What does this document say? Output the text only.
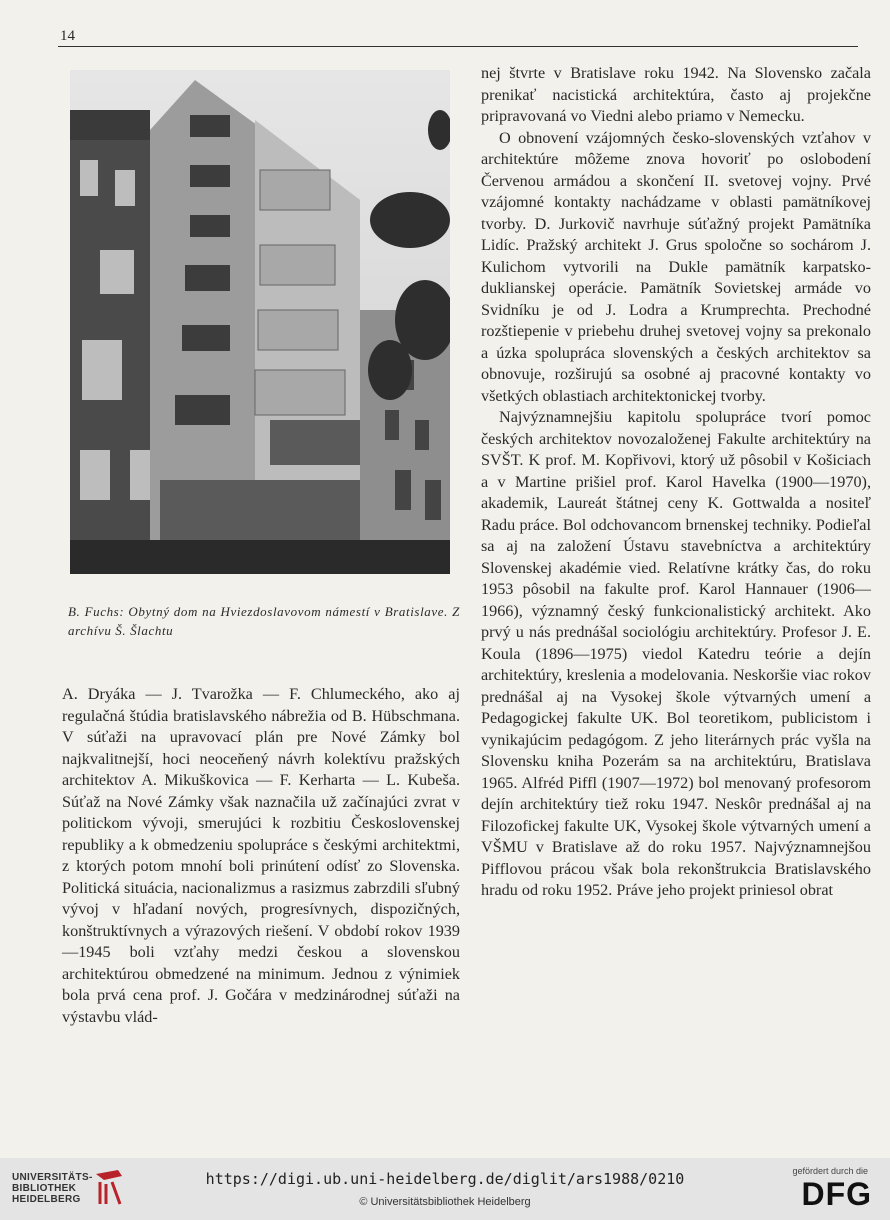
14
B. Fuchs: Obytný dom na Hviezdoslavovom námestí v Bratislave. Z archívu Š. Šlachtu

A. Dryáka — J. Tvarožka — F. Chlumeckého, ako aj regulačná štúdia bratislavského nábrežia od B. Hübschmana. V súťaži na upravovací plán pre Nové Zámky bol najkvalitnejší, hoci neoceňený návrh kolektívu pražských architektov A. Mikuškovica — F. Kerharta — L. Kubeša. Súťaž na Nové Zámky však naznačila už začínajúci zvrat v politickom vývoji, smerujúci k rozbitiu Československej republiky a k obmedzeniu spolupráce s českými architektmi, z ktorých potom mnohí boli prinútení odísť zo Slovenska. Politická situácia, nacionalizmus a rasizmus zabrzdili sľubný vývoj v hľadaní nových, progresívnych, dispozičných, konštruktívnych a výrazových riešení. V období rokov 1939—1945 boli vzťahy medzi českou a slovenskou architektúrou obmedzené na minimum. Jednou z výnimiek bola prvá cena prof. J. Gočára v medzinárodnej súťaži na výstavbu vlád-

nej štvrte v Bratislave roku 1942. Na Slovensko začala prenikať nacistická architektúra, často aj projekčne pripravovaná vo Viedni alebo priamo v Nemecku.

O obnovení vzájomných česko-slovenských vzťahov v architektúre môžeme znova hovoriť po oslobodení Červenou armádou a skončení II. svetovej vojny. Prvé vzájomné kontakty nachádzame v oblasti pamätníkovej tvorby. D. Jurkovič navrhuje súťažný projekt Pamätníka Lidíc. Pražský architekt J. Grus spoločne so sochárom J. Kulichom vytvorili na Dukle pamätník karpatsko-duklianskej operácie. Pamätník Sovietskej armáde vo Svidníku je od J. Lodra a Krumprechta. Prechodné rozštiepenie v priebehu druhej svetovej vojny sa prekonalo a úzka spolupráca slovenských a českých architektov sa obnovuje, rozširujú sa osobné aj pracovné kontakty vo všetkých oblastiach architektonickej tvorby.

Najvýznamnejšiu kapitolu spolupráce tvorí pomoc českých architektov novozaloženej Fakulte architektúry na SVŠT. K prof. M. Kopřivovi, ktorý už pôsobil v Košiciach a v Martine prišiel prof. Karol Havelka (1900—1970), akademik, Laureát štátnej ceny K. Gottwalda a nositeľ Radu práce. Bol odchovancom brnenskej techniky. Podieľal sa aj na založení Ústavu stavebníctva a architektúry Slovenskej akadémie vied. Relatívne krátky čas, do roku 1953 pôsobil na fakulte prof. Karol Hannauer (1906—1966), významný český funkcionalistický architekt. Ako prvý u nás prednášal sociológiu architektúry. Profesor J. E. Koula (1896—1975) viedol Katedru teórie a dejín architektúry, kreslenia a modelovania. Neskoršie viac rokov prednášal aj na Vysokej škole výtvarných umení a Pedagogickej fakulte UK. Bol teoretikom, publicistom i vynikajúcim pedagógom. Z jeho literárnych prác vyšla na Slovensku kniha Pozerám sa na architektúru, Bratislava 1965. Alfréd Piffl (1907—1972) bol menovaný profesorom dejín architektúry tiež roku 1947. Neskôr prednášal aj na Filozofickej fakulte UK, Vysokej škole výtvarných umení a VŠMU v Bratislave až do roku 1957. Najvýznamnejšou Pifflovou prácou však bola rekonštrukcia Bratislavského hradu od roku 1952. Práve jeho projekt priniesol obrat

UNIVERSITÄTS-
BIBLIOTHEK
HEIDELBERG
https://digi.ub.uni-heidelberg.de/diglit/ars1988/0210
© Universitätsbibliothek Heidelberg
gefördert durch die
DFG
